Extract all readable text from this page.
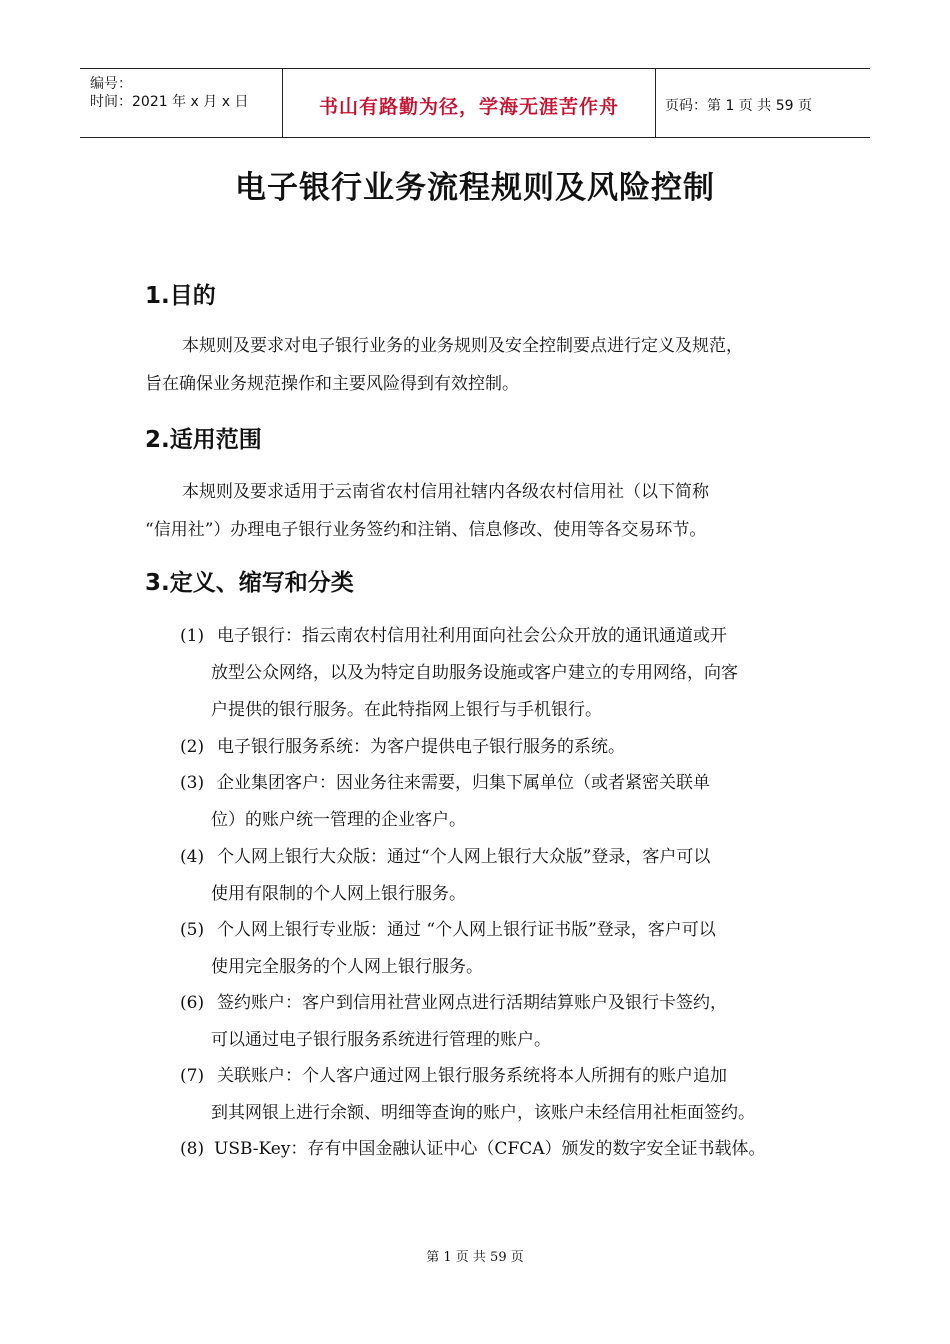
编号：
时间：2021 年 x 月 x 日	书山有路勤为径，学海无涯苦作舟	页码：第 1 页 共 59 页
电子银行业务流程规则及风险控制
1.目的
本规则及要求对电子银行业务的业务规则及安全控制要点进行定义及规范，
旨在确保业务规范操作和主要风险得到有效控制。
2.适用范围
本规则及要求适用于云南省农村信用社辖内各级农村信用社（以下简称
“信用社”）办理电子银行业务签约和注销、信息修改、使用等各交易环节。
3.定义、缩写和分类
(1) 电子银行：指云南农村信用社利用面向社会公众开放的通讯通道或开
放型公众网络，以及为特定自助服务设施或客户建立的专用网络，向客
户提供的银行服务。在此特指网上银行与手机银行。
(2) 电子银行服务系统：为客户提供电子银行服务的系统。
(3) 企业集团客户：因业务往来需要，归集下属单位（或者紧密关联单
位）的账户统一管理的企业客户。
(4) 个人网上银行大众版：通过“个人网上银行大众版”登录，客户可以
使用有限制的个人网上银行服务。
(5) 个人网上银行专业版：通过 “个人网上银行证书版”登录，客户可以
使用完全服务的个人网上银行服务。
(6) 签约账户：客户到信用社营业网点进行活期结算账户及银行卡签约，
可以通过电子银行服务系统进行管理的账户。
(7) 关联账户：个人客户通过网上银行服务系统将本人所拥有的账户追加
到其网银上进行余额、明细等查询的账户，该账户未经信用社柜面签约。
(8) USB-Key：存有中国金融认证中心（CFCA）颁发的数字安全证书载体。
第 1 页 共 59 页
